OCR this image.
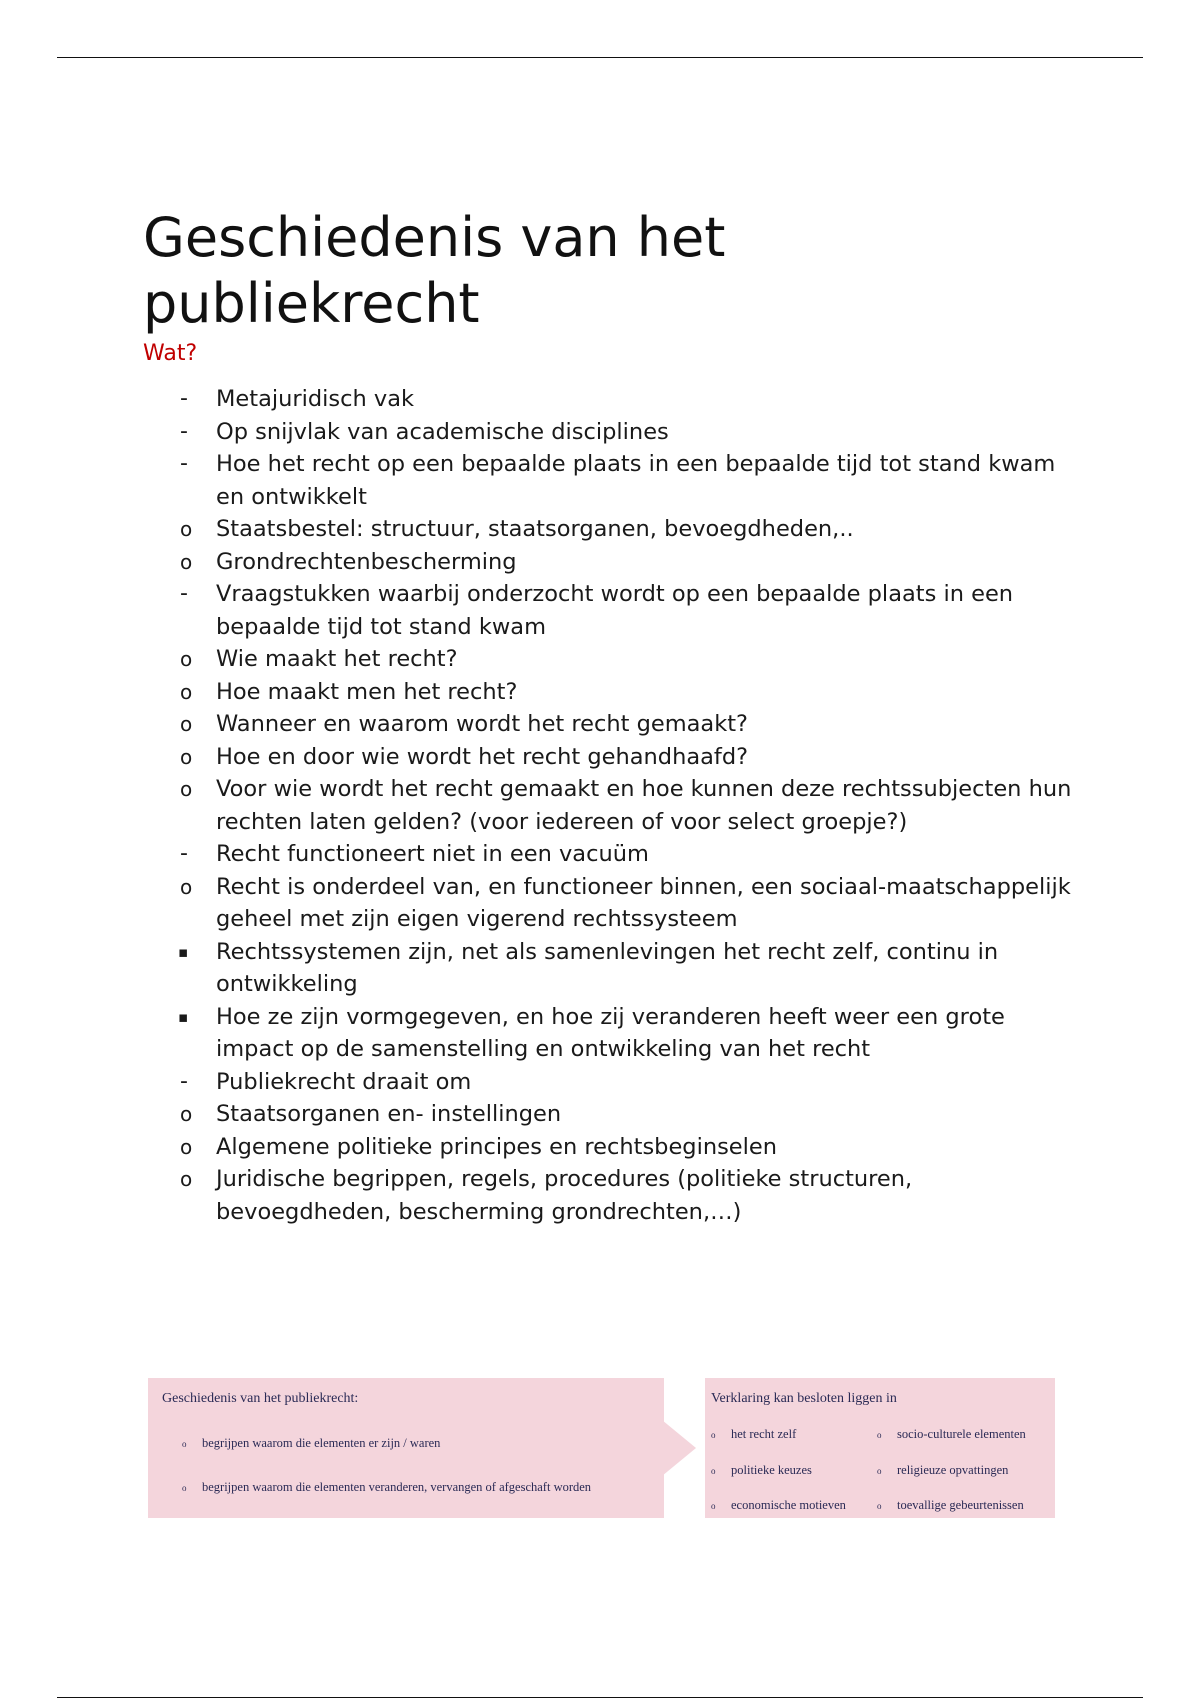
Geschiedenis van het
publiekrecht
Wat?
- Metajuridisch vak
- Op snijvlak van academische disciplines
- Hoe het recht op een bepaalde plaats in een bepaalde tijd tot stand kwam en ontwikkelt
o Staatsbestel: structuur, staatsorganen, bevoegdheden,..
o Grondrechtenbescherming
- Vraagstukken waarbij onderzocht wordt op een bepaalde plaats in een bepaalde tijd tot stand kwam
o Wie maakt het recht?
o Hoe maakt men het recht?
o Wanneer en waarom wordt het recht gemaakt?
o Hoe en door wie wordt het recht gehandhaafd?
o Voor wie wordt het recht gemaakt en hoe kunnen deze rechtssubjecten hun rechten laten gelden? (voor iedereen of voor select groepje?)
- Recht functioneert niet in een vacuüm
o Recht is onderdeel van, en functioneer binnen, een sociaal-maatschappelijk geheel met zijn eigen vigerend rechtssysteem
▪ Rechtssystemen zijn, net als samenlevingen het recht zelf, continu in ontwikkeling
▪ Hoe ze zijn vormgegeven, en hoe zij veranderen heeft weer een grote impact op de samenstelling en ontwikkeling van het recht
- Publiekrecht draait om
o Staatsorganen en- instellingen
o Algemene politieke principes en rechtsbeginselen
o Juridische begrippen, regels, procedures (politieke structuren, bevoegdheden, bescherming grondrechten,…)
Geschiedenis van het publiekrecht:
o begrijpen waarom die elementen er zijn / waren
o begrijpen waarom die elementen veranderen, vervangen of afgeschaft worden
Verklaring kan besloten liggen in
o het recht zelf
o politieke keuzes
o economische motieven
o socio-culturele elementen
o religieuze opvattingen
o toevallige gebeurtenissen
